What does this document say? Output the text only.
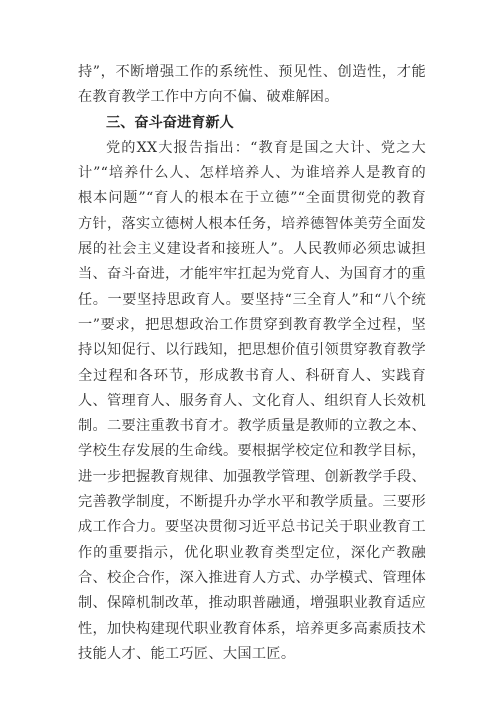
持”，不断增强工作的系统性、预见性、创造性，才能在教育教学工作中方向不偏、破难解困。

三、奋斗奋进育新人

党的XX大报告指出：“教育是国之大计、党之大计”“培养什么人、怎样培养人、为谁培养人是教育的根本问题”“育人的根本在于立德”“全面贯彻党的教育方针，落实立德树人根本任务，培养德智体美劳全面发展的社会主义建设者和接班人”。人民教师必须忠诚担当、奋斗奋进，才能牢牢扛起为党育人、为国育才的重任。一要坚持思政育人。要坚持“三全育人”和“八个统一”要求，把思想政治工作贯穿到教育教学全过程，坚持以知促行、以行践知，把思想价值引领贯穿教育教学全过程和各环节，形成教书育人、科研育人、实践育人、管理育人、服务育人、文化育人、组织育人长效机制。二要注重教书育才。教学质量是教师的立教之本、学校生存发展的生命线。要根据学校定位和教学目标，进一步把握教育规律、加强教学管理、创新教学手段、完善教学制度，不断提升办学水平和教学质量。三要形成工作合力。要坚决贯彻习近平总书记关于职业教育工作的重要指示，优化职业教育类型定位，深化产教融合、校企合作，深入推进育人方式、办学模式、管理体制、保障机制改革，推动职普融通，增强职业教育适应性，加快构建现代职业教育体系，培养更多高素质技术技能人才、能工巧匠、大国工匠。
